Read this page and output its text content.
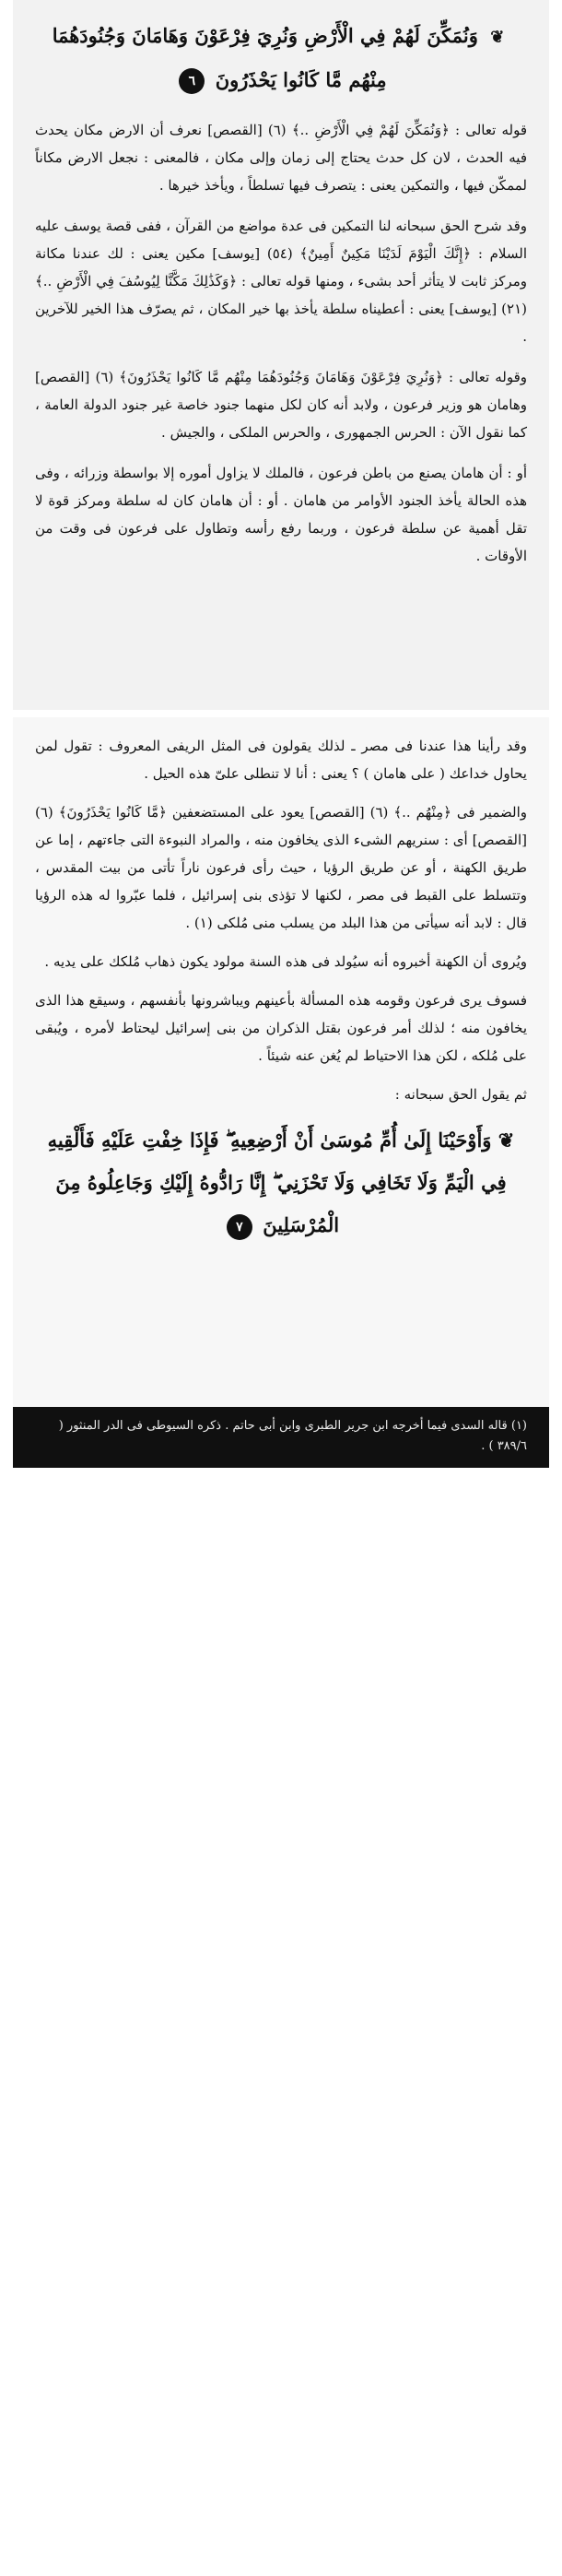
❦ وَنُمَكِّنَ لَهُمْ فِي الْأَرْضِ وَنُرِيَ فِرْعَوْنَ وَهَامَانَ وَجُنُودَهُمَا مِنْهُم مَّا كَانُوا يَحْذَرُونَ ٦

قوله تعالى : ﴿وَنُمَكِّنَ لَهُمْ فِي الْأَرْضِ ..﴾ (٦) [القصص] نعرف أن الارض مكان يحدث فيه الحدث ، لان كل حدث يحتاج إلى زمان وإلى مكان ، فالمعنى : نجعل الارض مكاناً لممكّن فيها ، والتمكين يعنى : يتصرف فيها تسلطاً ، ويأخذ خيرها .

وقد شرح الحق سبحانه لنا التمكين فى عدة مواضع من القرآن ، ففى قصة يوسف عليه السلام : ﴿إِنَّكَ الْيَوْمَ لَدَيْنَا مَكِينٌ أَمِينٌ﴾ (٥٤) [يوسف] مكين يعنى : لك عندنا مكانة ومركز ثابت لا يتأثر أحد بشىء ، ومنها قوله تعالى : ﴿وَكَذَٰلِكَ مَكَّنَّا لِيُوسُفَ فِي الْأَرْضِ ..﴾ (٢١) [يوسف] يعنى : أعطيناه سلطة يأخذ بها خير المكان ، ثم يصرّف هذا الخير للآخرين .

وقوله تعالى : ﴿وَنُرِيَ فِرْعَوْنَ وَهَامَانَ وَجُنُودَهُمَا مِنْهُم مَّا كَانُوا يَحْذَرُونَ﴾ (٦) [القصص] وهامان هو وزير فرعون ، ولابد أنه كان لكل منهما جنود خاصة غير جنود الدولة العامة ، كما نقول الآن : الحرس الجمهورى ، والحرس الملكى ، والجيش .

أو : أن هامان يصنع من باطن فرعون ، فالملك لا يزاول أموره إلا بواسطة وزرائه ، وفى هذه الحالة يأخذ الجنود الأوامر من هامان . أو : أن هامان كان له سلطة ومركز قوة لا تقل أهمية عن سلطة فرعون ، وربما رفع رأسه وتطاول على فرعون فى وقت من الأوقات .

وقد رأينا هذا عندنا فى مصر ـ لذلك يقولون فى المثل الريفى المعروف : تقول لمن يحاول خداعك ( على هامان ) ؟ يعنى : أنا لا تنطلى علىّ هذه الحيل .

والضمير فى ﴿مِنْهُم ..﴾ (٦) [القصص] يعود على المستضعفين ﴿مَّا كَانُوا يَحْذَرُونَ﴾ (٦) [القصص] أى : سنريهم الشىء الذى يخافون منه ، والمراد النبوءة التى جاءتهم ، إما عن طريق الكهنة ، أو عن طريق الرؤيا ، حيث رأى فرعون ناراً تأتى من بيت المقدس ، وتتسلط على القبط فى مصر ، لكنها لا تؤذى بنى إسرائيل ، فلما عبّروا له هذه الرؤيا قال : لابد أنه سيأتى من هذا البلد من يسلب منى مُلكى (١) .

ويُروى أن الكهنة أخبروه أنه سيُولد فى هذه السنة مولود يكون ذهاب مُلكك على يديه .

فسوف يرى فرعون وقومه هذه المسألة بأعينهم ويباشرونها بأنفسهم ، وسيقع هذا الذى يخافون منه ؛ لذلك أمر فرعون بقتل الذكران من بنى إسرائيل ليحتاط لأمره ، ويُبقى على مُلكه ، لكن هذا الاحتياط لم يُغن عنه شيئاً .

ثم يقول الحق سبحانه :

❦ وَأَوْحَيْنَا إِلَىٰ أُمِّ مُوسَىٰ أَنْ أَرْضِعِيهِ ۖ فَإِذَا خِفْتِ عَلَيْهِ فَأَلْقِيهِ فِي الْيَمِّ وَلَا تَخَافِي وَلَا تَحْزَنِي ۖ إِنَّا رَادُّوهُ إِلَيْكِ وَجَاعِلُوهُ مِنَ الْمُرْسَلِينَ ٧
(١) قاله السدى فيما أخرجه ابن جرير الطبرى وابن أبى حاتم . ذكره السيوطى فى الدر المنثور ( ٣٨٩/٦ ) .
